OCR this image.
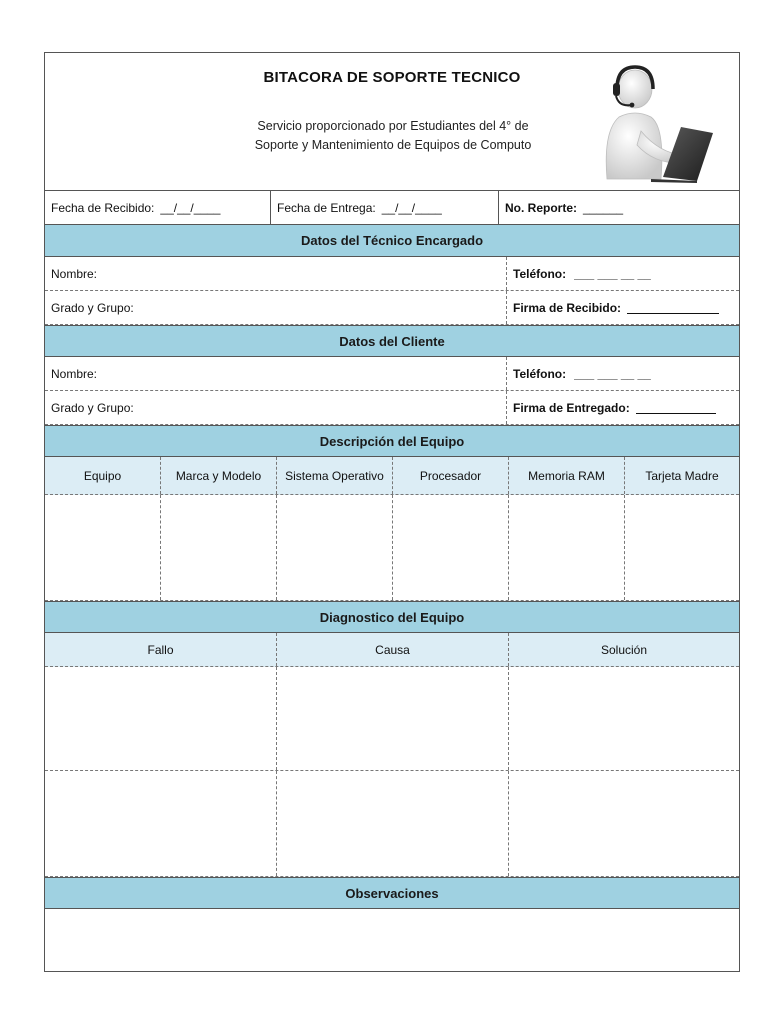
BITACORA DE SOPORTE TECNICO
Servicio proporcionado por Estudiantes del 4° de
Soporte y Mantenimiento de Equipos de Computo
Fecha de Recibido: __/__/____	Fecha de Entrega: __/__/____	No. Reporte: ______
Datos del Técnico Encargado
Nombre:	Teléfono: ___ ___ __ __
Grado y Grupo:	Firma de Recibido:
Datos del Cliente
Nombre:	Teléfono: ___ ___ __ __
Grado y Grupo:	Firma de Entregado:
Descripción del Equipo
Equipo	Marca y Modelo	Sistema Operativo	Procesador	Memoria RAM	Tarjeta Madre
Diagnostico del Equipo
Fallo	Causa	Solución
Observaciones
